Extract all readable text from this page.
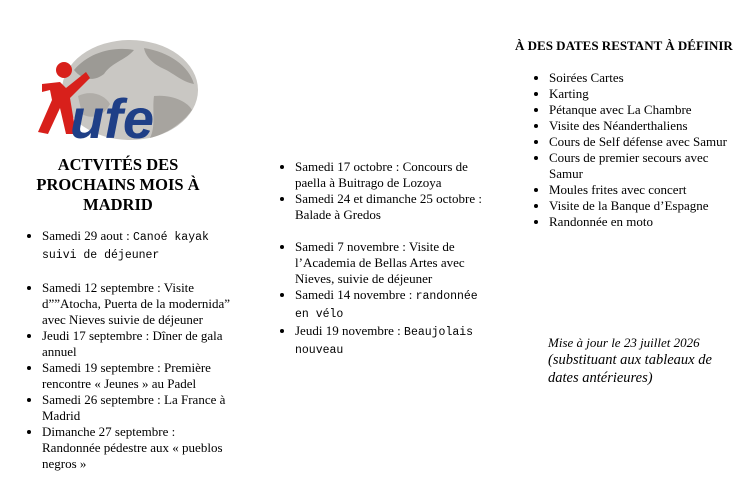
ufe
ACTVITÉS DES PROCHAINS MOIS À MADRID
• Samedi 29 aout : Canoé kayak suivi de déjeuner
• Samedi 12 septembre : Visite d””Atocha, Puerta de la modernida” avec Nieves suivie de déjeuner
• Jeudi 17 septembre : Dîner de gala annuel
• Samedi 19 septembre : Première rencontre « Jeunes » au Padel
• Samedi 26 septembre : La France à Madrid
• Dimanche 27 septembre : Randonnée pédestre aux « pueblos negros »
• Samedi 17 octobre : Concours de paella à Buitrago de Lozoya
• Samedi 24 et dimanche 25 octobre : Balade à Gredos
• Samedi 7 novembre : Visite de l’Academia de Bellas Artes avec Nieves, suivie de déjeuner
• Samedi 14 novembre : randonnée en vélo
• Jeudi 19 novembre : Beaujolais nouveau
À DES DATES RESTANT À DÉFINIR
• Soirées Cartes
• Karting
• Pétanque avec La Chambre
• Visite des Néanderthaliens
• Cours de Self défense avec Samur
• Cours de premier secours avec Samur
• Moules frites avec concert
• Visite de la Banque d’Espagne
• Randonnée en moto
Mise à jour le 23 juillet 2026
(substituant aux tableaux de dates antérieures)
